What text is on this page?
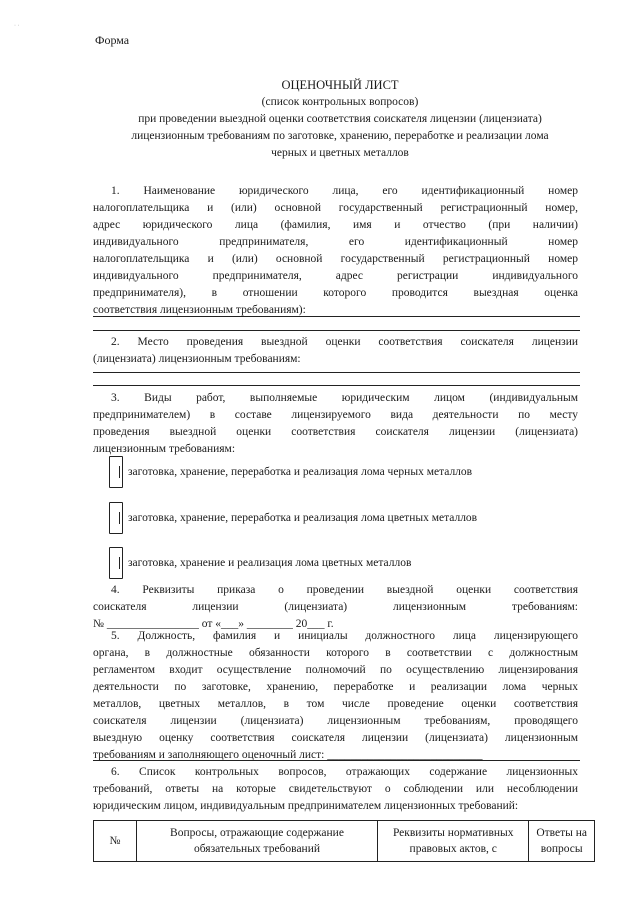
· ·
Форма
ОЦЕНОЧНЫЙ ЛИСТ
(список контрольных вопросов)
при проведении выездной оценки соответствия соискателя лицензии (лицензиата)
лицензионным требованиям по заготовке, хранению, переработке и реализации лома
черных и цветных металлов
1. Наименование юридического лица, его идентификационный номер
налогоплательщика и (или) основной государственный регистрационный номер,
адрес юридического лица (фамилия, имя и отчество (при наличии)
индивидуального предпринимателя, его идентификационный номер
налогоплательщика и (или) основной государственный регистрационный номер
индивидуального предпринимателя, адрес регистрации индивидуального
предпринимателя), в отношении которого проводится выездная оценка
соответствия лицензионным требованиям):
2. Место проведения выездной оценки соответствия соискателя лицензии
(лицензиата) лицензионным требованиям:
3. Виды работ, выполняемые юридическим лицом (индивидуальным
предпринимателем) в составе лицензируемого вида деятельности по месту
проведения выездной оценки соответствия соискателя лицензии (лицензиата)
лицензионным требованиям:
заготовка, хранение, переработка и реализация лома черных металлов
заготовка, хранение, переработка и реализация лома цветных металлов
заготовка, хранение и реализация лома цветных металлов
4. Реквизиты приказа о проведении выездной оценки соответствия
соискателя лицензии (лицензиата) лицензионным требованиям:
№ ________________ от «___» ________ 20___ г.
5. Должность, фамилия и инициалы должностного лица лицензирующего
органа, в должностные обязанности которого в соответствии с должностным
регламентом входит осуществление полномочий по осуществлению лицензирования
деятельности по заготовке, хранению, переработке и реализации лома черных
металлов, цветных металлов, в том числе проведение оценки соответствия
соискателя лицензии (лицензиата) лицензионным требованиям, проводящего
выездную оценку соответствия соискателя лицензии (лицензиата) лицензионным
требованиям и заполняющего оценочный лист: ___________________________
6. Список контрольных вопросов, отражающих содержание лицензионных
требований, ответы на которые свидетельствуют о соблюдении или несоблюдении
юридическим лицом, индивидуальным предпринимателем лицензионных требований:
№	Вопросы, отражающие содержание обязательных требований	Реквизиты нормативных правовых актов, с	Ответы на вопросы
